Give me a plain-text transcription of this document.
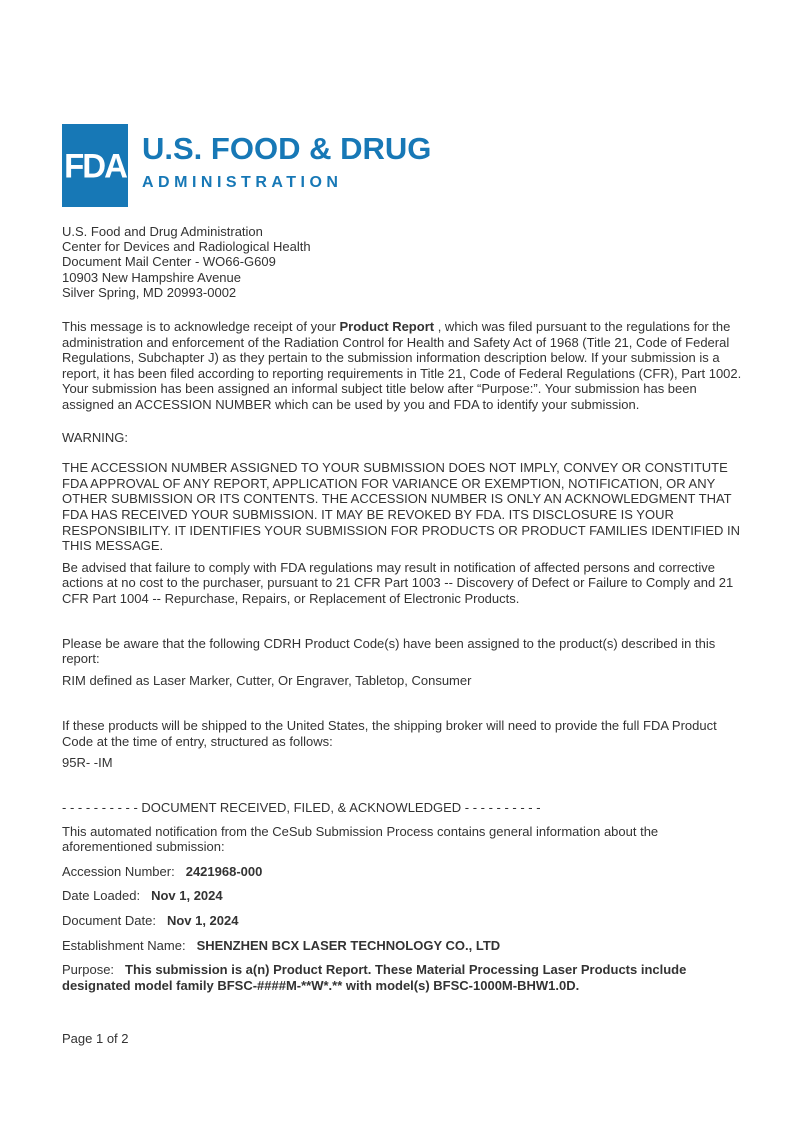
FDA U.S. FOOD & DRUG
ADMINISTRATION
U.S. Food and Drug Administration
Center for Devices and Radiological Health
Document Mail Center - WO66-G609
10903 New Hampshire Avenue
Silver Spring, MD 20993-0002

This message is to acknowledge receipt of your Product Report , which was filed pursuant to the regulations for the administration and enforcement of the Radiation Control for Health and Safety Act of 1968 (Title 21, Code of Federal Regulations, Subchapter J) as they pertain to the submission information description below. If your submission is a report, it has been filed according to reporting requirements in Title 21, Code of Federal Regulations (CFR), Part 1002. Your submission has been assigned an informal subject title below after “Purpose:”. Your submission has been assigned an ACCESSION NUMBER which can be used by you and FDA to identify your submission.

WARNING:

THE ACCESSION NUMBER ASSIGNED TO YOUR SUBMISSION DOES NOT IMPLY, CONVEY OR CONSTITUTE FDA APPROVAL OF ANY REPORT, APPLICATION FOR VARIANCE OR EXEMPTION, NOTIFICATION, OR ANY OTHER SUBMISSION OR ITS CONTENTS. THE ACCESSION NUMBER IS ONLY AN ACKNOWLEDGMENT THAT FDA HAS RECEIVED YOUR SUBMISSION. IT MAY BE REVOKED BY FDA. ITS DISCLOSURE IS YOUR RESPONSIBILITY. IT IDENTIFIES YOUR SUBMISSION FOR PRODUCTS OR PRODUCT FAMILIES IDENTIFIED IN THIS MESSAGE.

Be advised that failure to comply with FDA regulations may result in notification of affected persons and corrective actions at no cost to the purchaser, pursuant to 21 CFR Part 1003 -- Discovery of Defect or Failure to Comply and 21 CFR Part 1004 -- Repurchase, Repairs, or Replacement of Electronic Products.

Please be aware that the following CDRH Product Code(s) have been assigned to the product(s) described in this report:

RIM defined as Laser Marker, Cutter, Or Engraver, Tabletop, Consumer

If these products will be shipped to the United States, the shipping broker will need to provide the full FDA Product Code at the time of entry, structured as follows:

95R- -IM

- - - - - - - - - - DOCUMENT RECEIVED, FILED, & ACKNOWLEDGED - - - - - - - - - -

This automated notification from the CeSub Submission Process contains general information about the aforementioned submission:

Accession Number: 2421968-000

Date Loaded: Nov 1, 2024

Document Date: Nov 1, 2024

Establishment Name: SHENZHEN BCX LASER TECHNOLOGY CO., LTD

Purpose: This submission is a(n) Product Report. These Material Processing Laser Products include designated model family BFSC-####M-**W*.** with model(s) BFSC-1000M-BHW1.0D.

Page 1 of 2
